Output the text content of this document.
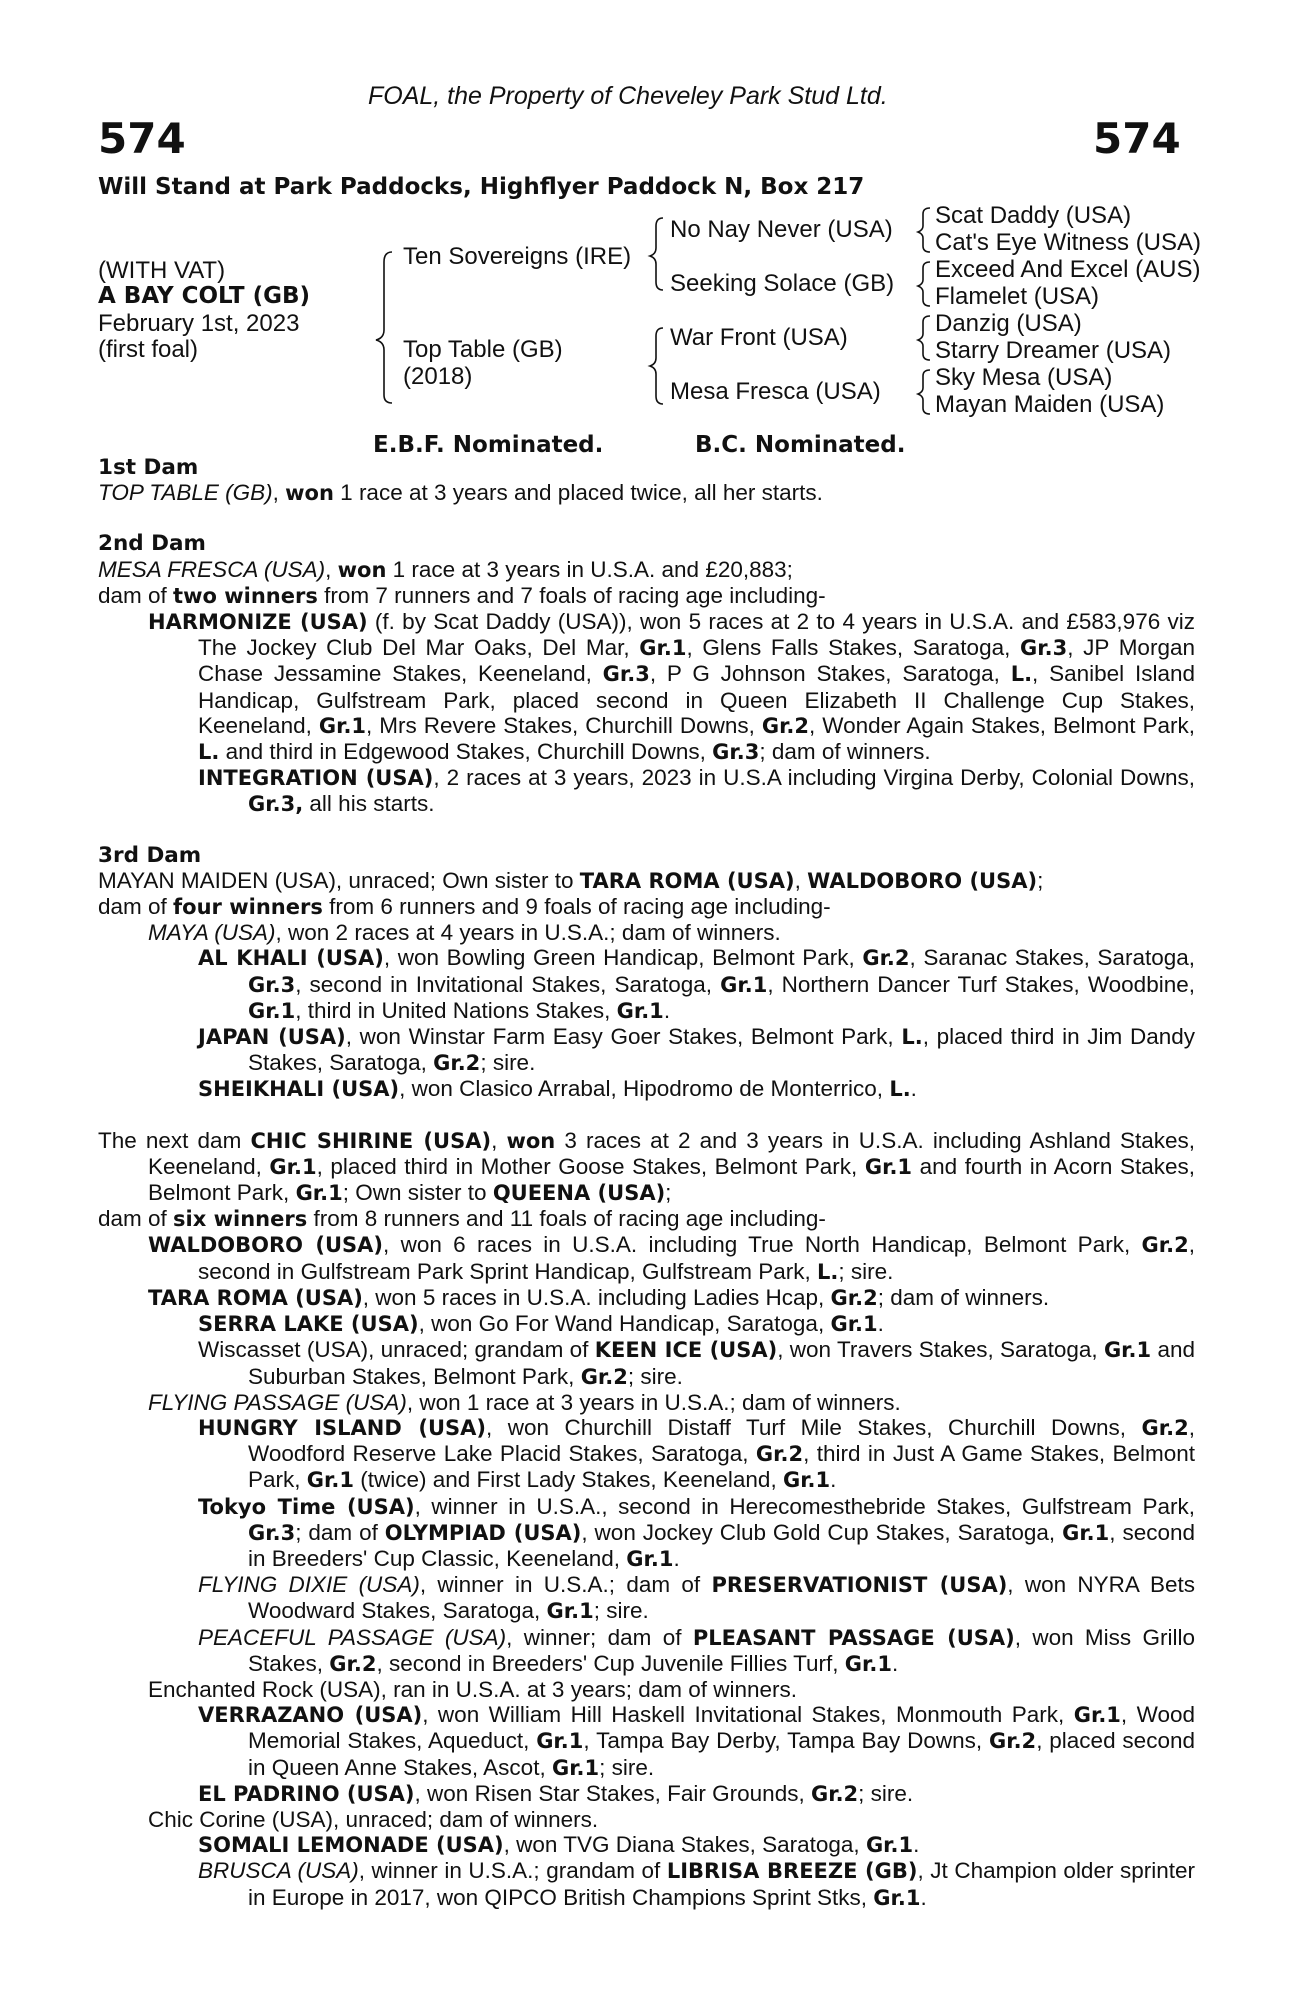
FOAL, the Property of Cheveley Park Stud Ltd.
574	574
Will Stand at Park Paddocks, Highflyer Paddock N, Box 217
(WITH VAT)
A BAY COLT (GB)
February 1st, 2023
(first foal)
Ten Sovereigns (IRE)
Top Table (GB)
(2018)
No Nay Never (USA)
Seeking Solace (GB)
War Front (USA)
Mesa Fresca (USA)
Scat Daddy (USA)
Cat's Eye Witness (USA)
Exceed And Excel (AUS)
Flamelet (USA)
Danzig (USA)
Starry Dreamer (USA)
Sky Mesa (USA)
Mayan Maiden (USA)
E.B.F. Nominated.	B.C. Nominated.
1st Dam
TOP TABLE (GB), won 1 race at 3 years and placed twice, all her starts.
2nd Dam
MESA FRESCA (USA), won 1 race at 3 years in U.S.A. and £20,883;
dam of two winners from 7 runners and 7 foals of racing age including-
HARMONIZE (USA) (f. by Scat Daddy (USA)), won 5 races at 2 to 4 years in U.S.A. and £583,976 viz The Jockey Club Del Mar Oaks, Del Mar, Gr.1, Glens Falls Stakes, Saratoga, Gr.3, JP Morgan Chase Jessamine Stakes, Keeneland, Gr.3, P G Johnson Stakes, Saratoga, L., Sanibel Island Handicap, Gulfstream Park, placed second in Queen Elizabeth II Challenge Cup Stakes, Keeneland, Gr.1, Mrs Revere Stakes, Churchill Downs, Gr.2, Wonder Again Stakes, Belmont Park, L. and third in Edgewood Stakes, Churchill Downs, Gr.3; dam of winners.
INTEGRATION (USA), 2 races at 3 years, 2023 in U.S.A including Virgina Derby, Colonial Downs, Gr.3, all his starts.
3rd Dam
MAYAN MAIDEN (USA), unraced; Own sister to TARA ROMA (USA), WALDOBORO (USA);
dam of four winners from 6 runners and 9 foals of racing age including-
MAYA (USA), won 2 races at 4 years in U.S.A.; dam of winners.
AL KHALI (USA), won Bowling Green Handicap, Belmont Park, Gr.2, Saranac Stakes, Saratoga, Gr.3, second in Invitational Stakes, Saratoga, Gr.1, Northern Dancer Turf Stakes, Woodbine, Gr.1, third in United Nations Stakes, Gr.1.
JAPAN (USA), won Winstar Farm Easy Goer Stakes, Belmont Park, L., placed third in Jim Dandy Stakes, Saratoga, Gr.2; sire.
SHEIKHALI (USA), won Clasico Arrabal, Hipodromo de Monterrico, L..
The next dam CHIC SHIRINE (USA), won 3 races at 2 and 3 years in U.S.A. including Ashland Stakes, Keeneland, Gr.1, placed third in Mother Goose Stakes, Belmont Park, Gr.1 and fourth in Acorn Stakes, Belmont Park, Gr.1; Own sister to QUEENA (USA);
dam of six winners from 8 runners and 11 foals of racing age including-
WALDOBORO (USA), won 6 races in U.S.A. including True North Handicap, Belmont Park, Gr.2, second in Gulfstream Park Sprint Handicap, Gulfstream Park, L.; sire.
TARA ROMA (USA), won 5 races in U.S.A. including Ladies Hcap, Gr.2; dam of winners.
SERRA LAKE (USA), won Go For Wand Handicap, Saratoga, Gr.1.
Wiscasset (USA), unraced; grandam of KEEN ICE (USA), won Travers Stakes, Saratoga, Gr.1 and Suburban Stakes, Belmont Park, Gr.2; sire.
FLYING PASSAGE (USA), won 1 race at 3 years in U.S.A.; dam of winners.
HUNGRY ISLAND (USA), won Churchill Distaff Turf Mile Stakes, Churchill Downs, Gr.2, Woodford Reserve Lake Placid Stakes, Saratoga, Gr.2, third in Just A Game Stakes, Belmont Park, Gr.1 (twice) and First Lady Stakes, Keeneland, Gr.1.
Tokyo Time (USA), winner in U.S.A., second in Herecomesthebride Stakes, Gulfstream Park, Gr.3; dam of OLYMPIAD (USA), won Jockey Club Gold Cup Stakes, Saratoga, Gr.1, second in Breeders' Cup Classic, Keeneland, Gr.1.
FLYING DIXIE (USA), winner in U.S.A.; dam of PRESERVATIONIST (USA), won NYRA Bets Woodward Stakes, Saratoga, Gr.1; sire.
PEACEFUL PASSAGE (USA), winner; dam of PLEASANT PASSAGE (USA), won Miss Grillo Stakes, Gr.2, second in Breeders' Cup Juvenile Fillies Turf, Gr.1.
Enchanted Rock (USA), ran in U.S.A. at 3 years; dam of winners.
VERRAZANO (USA), won William Hill Haskell Invitational Stakes, Monmouth Park, Gr.1, Wood Memorial Stakes, Aqueduct, Gr.1, Tampa Bay Derby, Tampa Bay Downs, Gr.2, placed second in Queen Anne Stakes, Ascot, Gr.1; sire.
EL PADRINO (USA), won Risen Star Stakes, Fair Grounds, Gr.2; sire.
Chic Corine (USA), unraced; dam of winners.
SOMALI LEMONADE (USA), won TVG Diana Stakes, Saratoga, Gr.1.
BRUSCA (USA), winner in U.S.A.; grandam of LIBRISA BREEZE (GB), Jt Champion older sprinter in Europe in 2017, won QIPCO British Champions Sprint Stks, Gr.1.
